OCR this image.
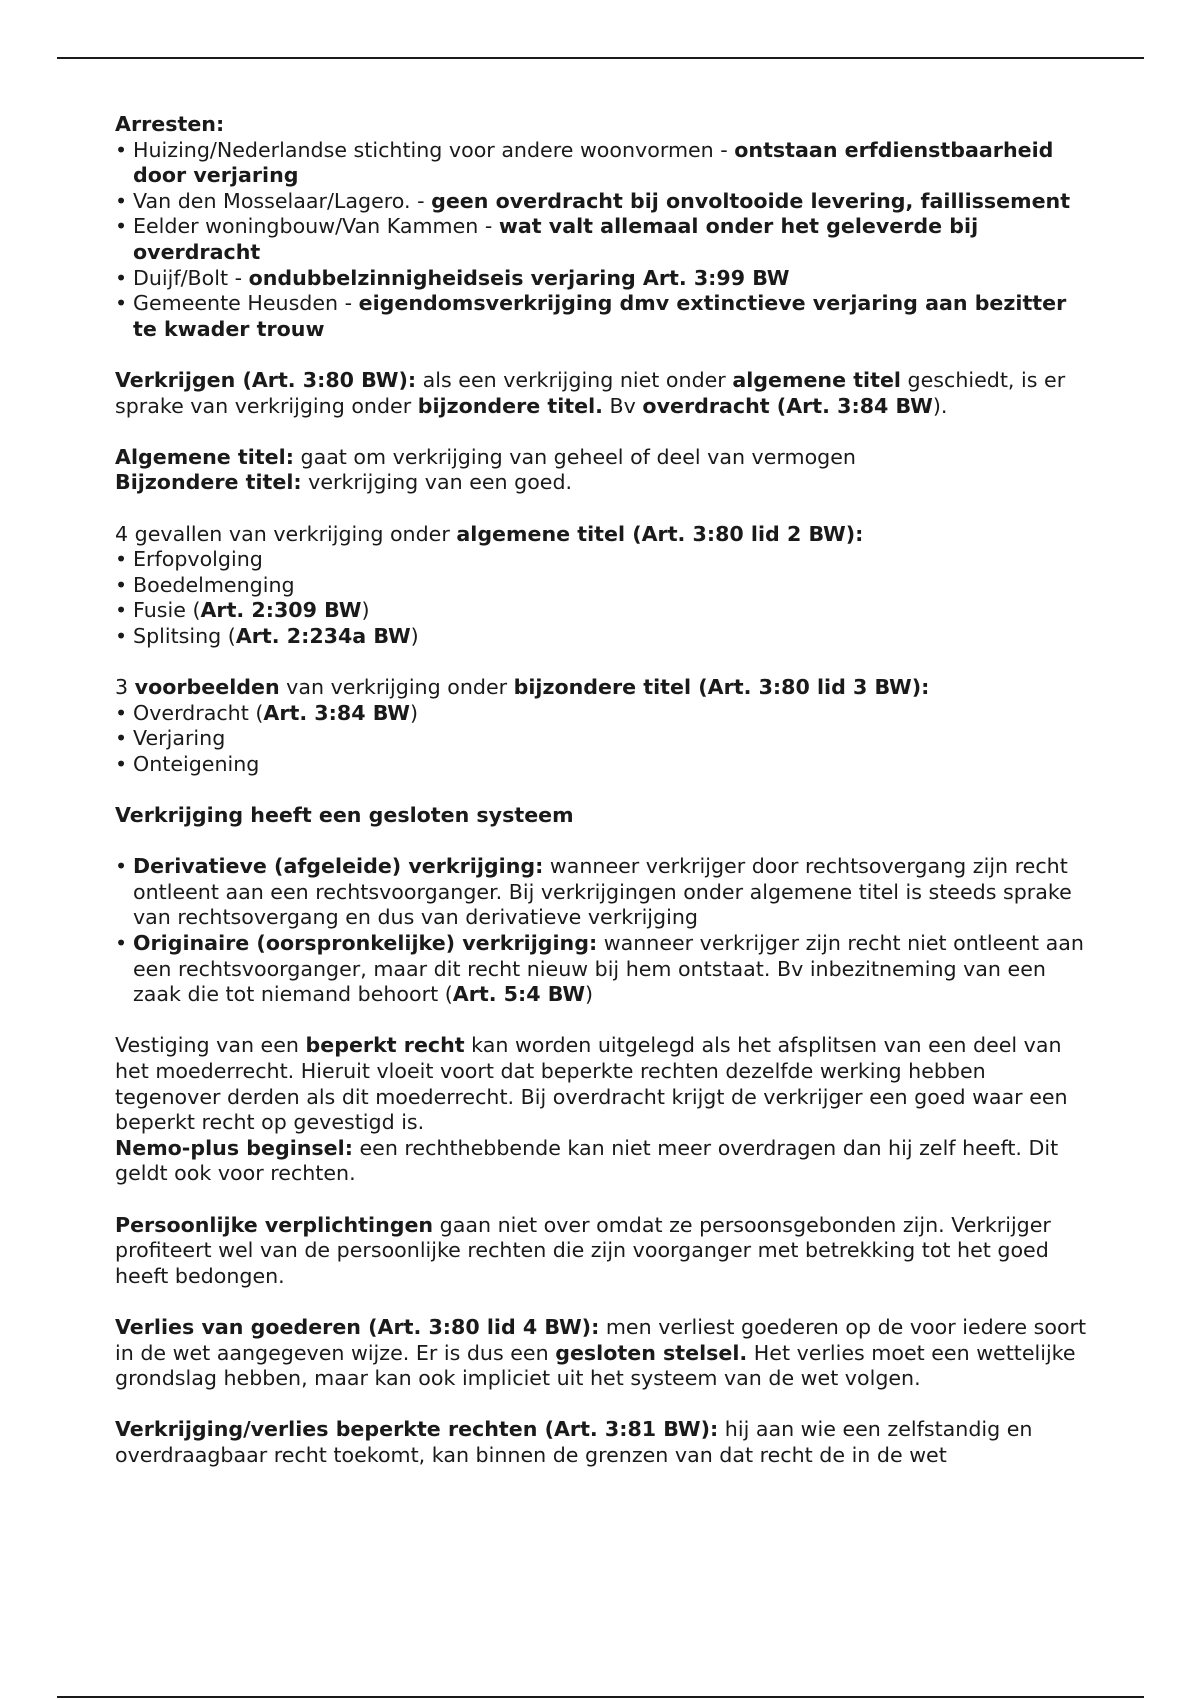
Arresten:

• Huizing/Nederlandse stichting voor andere woonvormen - ontstaan erfdienstbaarheid door verjaring
• Van den Mosselaar/Lagero. - geen overdracht bij onvoltooide levering, faillissement
• Eelder woningbouw/Van Kammen - wat valt allemaal onder het geleverde bij overdracht
• Duijf/Bolt - ondubbelzinnigheidseis verjaring Art. 3:99 BW
• Gemeente Heusden - eigendomsverkrijging dmv extinctieve verjaring aan bezitter te kwader trouw

Verkrijgen (Art. 3:80 BW): als een verkrijging niet onder algemene titel geschiedt, is er sprake van verkrijging onder bijzondere titel. Bv overdracht (Art. 3:84 BW).

Algemene titel: gaat om verkrijging van geheel of deel van vermogen

Bijzondere titel: verkrijging van een goed.

4 gevallen van verkrijging onder algemene titel (Art. 3:80 lid 2 BW):

• Erfopvolging
• Boedelmenging
• Fusie (Art. 2:309 BW)
• Splitsing (Art. 2:234a BW)

3 voorbeelden van verkrijging onder bijzondere titel (Art. 3:80 lid 3 BW):

• Overdracht (Art. 3:84 BW)
• Verjaring
• Onteigening

Verkrijging heeft een gesloten systeem

• Derivatieve (afgeleide) verkrijging: wanneer verkrijger door rechtsovergang zijn recht ontleent aan een rechtsvoorganger. Bij verkrijgingen onder algemene titel is steeds sprake van rechtsovergang en dus van derivatieve verkrijging
• Originaire (oorspronkelijke) verkrijging: wanneer verkrijger zijn recht niet ontleent aan een rechtsvoorganger, maar dit recht nieuw bij hem ontstaat. Bv inbezitneming van een zaak die tot niemand behoort (Art. 5:4 BW)

Vestiging van een beperkt recht kan worden uitgelegd als het afsplitsen van een deel van het moederrecht. Hieruit vloeit voort dat beperkte rechten dezelfde werking hebben tegenover derden als dit moederrecht. Bij overdracht krijgt de verkrijger een goed waar een beperkt recht op gevestigd is.

Nemo-plus beginsel: een rechthebbende kan niet meer overdragen dan hij zelf heeft. Dit geldt ook voor rechten.

Persoonlijke verplichtingen gaan niet over omdat ze persoonsgebonden zijn. Verkrijger profiteert wel van de persoonlijke rechten die zijn voorganger met betrekking tot het goed heeft bedongen.

Verlies van goederen (Art. 3:80 lid 4 BW): men verliest goederen op de voor iedere soort in de wet aangegeven wijze. Er is dus een gesloten stelsel. Het verlies moet een wettelijke grondslag hebben, maar kan ook impliciet uit het systeem van de wet volgen.

Verkrijging/verlies beperkte rechten (Art. 3:81 BW): hij aan wie een zelfstandig en overdraagbaar recht toekomt, kan binnen de grenzen van dat recht de in de wet
